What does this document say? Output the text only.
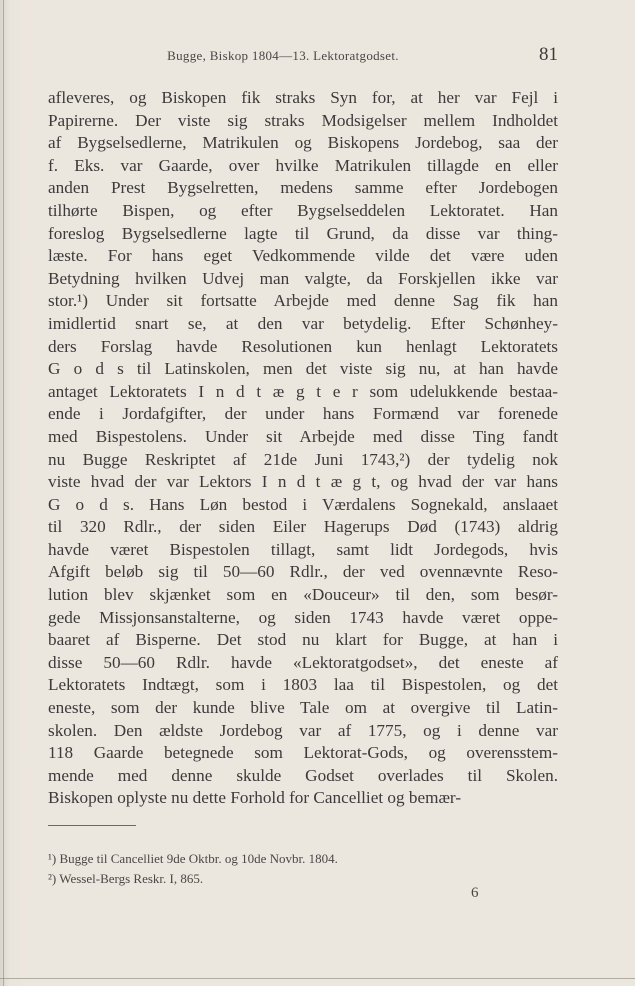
Bugge, Biskop 1804—13. Lektoratgodset.	81
afleveres, og Biskopen fik straks Syn for, at her var Fejl i
Papirerne. Der viste sig straks Modsigelser mellem Indholdet
af Bygselsedlerne, Matrikulen og Biskopens Jordebog, saa der
f. Eks. var Gaarde, over hvilke Matrikulen tillagde en eller
anden Prest Bygselretten, medens samme efter Jordebogen
tilhørte Bispen, og efter Bygselseddelen Lektoratet. Han
foreslog Bygselsedlerne lagte til Grund, da disse var thing-
læste. For hans eget Vedkommende vilde det være uden
Betydning hvilken Udvej man valgte, da Forskjellen ikke var
stor.¹) Under sit fortsatte Arbejde med denne Sag fik han
imidlertid snart se, at den var betydelig. Efter Schønhey-
ders Forslag havde Resolutionen kun henlagt Lektoratets
G o d s til Latinskolen, men det viste sig nu, at han havde
antaget Lektoratets I n d t æ g t e r som udelukkende bestaa-
ende i Jordafgifter, der under hans Formænd var forenede
med Bispestolens. Under sit Arbejde med disse Ting fandt
nu Bugge Reskriptet af 21de Juni 1743,²) der tydelig nok
viste hvad der var Lektors I n d t æ g t, og hvad der var hans
G o d s. Hans Løn bestod i Værdalens Sognekald, anslaaet
til 320 Rdlr., der siden Eiler Hagerups Død (1743) aldrig
havde været Bispestolen tillagt, samt lidt Jordegods, hvis
Afgift beløb sig til 50—60 Rdlr., der ved ovennævnte Reso-
lution blev skjænket som en «Douceur» til den, som besør-
gede Missjonsanstalterne, og siden 1743 havde været oppe-
baaret af Bisperne. Det stod nu klart for Bugge, at han i
disse 50—60 Rdlr. havde «Lektoratgodset», det eneste af
Lektoratets Indtægt, som i 1803 laa til Bispestolen, og det
eneste, som der kunde blive Tale om at overgive til Latin-
skolen. Den ældste Jordebog var af 1775, og i denne var
118 Gaarde betegnede som Lektorat-Gods, og overensstem-
mende med denne skulde Godset overlades til Skolen.
Biskopen oplyste nu dette Forhold for Cancelliet og bemær-
¹) Bugge til Cancelliet 9de Oktbr. og 10de Novbr. 1804.
²) Wessel-Bergs Reskr. I, 865.
6
